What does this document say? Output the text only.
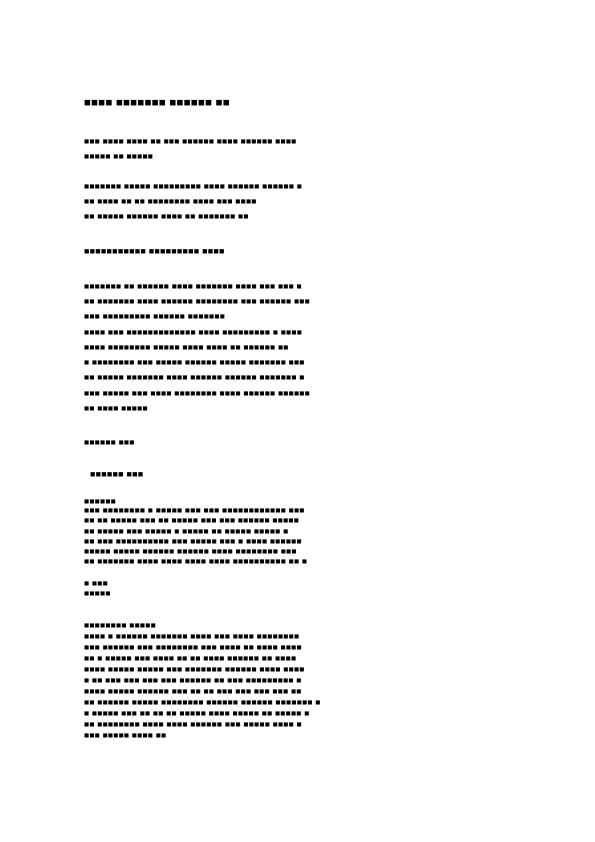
■■■■ ■■■■■■■ ■■■■■■ ■■

■■■ ■■■■ ■■■■ ■■ ■■■ ■■■■■■ ■■■■ ■■■■■■ ■■■■

■■■■■ ■■ ■■■■■

■■■■■■■ ■■■■■ ■■■■■■■■■ ■■■■ ■■■■■■ ■■■■■■ ■

■■ ■■■■ ■■ ■■ ■■■■■■■■ ■■■■ ■■■ ■■■■

■■ ■■■■■ ■■■■■■ ■■■■ ■■ ■■■■■■■ ■■

■■■■■■■■■■■ ■■■■■■■■■ ■■■■

■■■■■■■ ■■ ■■■■■■ ■■■■ ■■■■■■■ ■■■■ ■■■ ■■■ ■

■■ ■■■■■■■ ■■■■ ■■■■■■ ■■■■■■■■ ■■■ ■■■■■■ ■■■

■■■ ■■■■■■■■■ ■■■■■■ ■■■■■■■

■■■■ ■■■ ■■■■■■■■■■■■■ ■■■■ ■■■■■■■■■ ■ ■■■■

■■■■ ■■■■■■■■ ■■■■■ ■■■■ ■■■■ ■■ ■■■■■■ ■■

■ ■■■■■■■■ ■■■ ■■■■■ ■■■■■■ ■■■■■ ■■■■■■■ ■■■

■■ ■■■■■ ■■■■■■■ ■■■■ ■■■■■■ ■■■■■■ ■■■■■■■ ■

■■■ ■■■■■ ■■■ ■■■■ ■■■■■■■■ ■■■■ ■■■■■■ ■■■■■■

■■ ■■■■ ■■■■■

■■■■■■ ■■■

■■■■■■ ■■■

■■■■■■

■■■ ■■■■■■■■ ■ ■■■■■ ■■■ ■■■ ■■■■■■■■■■■■ ■■■

■■ ■■ ■■■■■ ■■■ ■■ ■■■■■ ■■■ ■■■ ■■■■■■ ■■■■■

■■ ■■■■■ ■■■ ■■■■■ ■ ■■■■■ ■■ ■■■■■ ■■■■■ ■

■■ ■■■ ■■■■■■■■■■ ■■■ ■■■■■ ■■■ ■ ■■■■ ■■■■■■

■■■■■ ■■■■■ ■■■■■■ ■■■■■■ ■■■■ ■■■■■■■■ ■■■

■■ ■■■■■■■ ■■■■ ■■■■ ■■■■ ■■■■ ■■■■■■■■■■ ■■ ■

■ ■■■

■■■■■

■■■■■■■■ ■■■■■

■■■■ ■ ■■■■■■ ■■■■■■■ ■■■■ ■■■ ■■■■ ■■■■■■■■

■■■ ■■■■■■ ■■■ ■■■■■■■■ ■■■ ■■■■ ■■ ■■■■ ■■■■

■■ ■ ■■■■■ ■■■ ■■■■ ■■ ■■ ■■■■ ■■■■■■ ■■ ■■■■

■■■■ ■■■■■ ■■■■■ ■■■ ■■■■■■■ ■■■■■■ ■■■■ ■■■■

■ ■■ ■■■ ■■■ ■■■ ■■■ ■■■■■■ ■■ ■■■ ■■■■■■■■■ ■

■■■■ ■■■■■ ■■■■■■ ■■■ ■■ ■■ ■■■ ■■■ ■■■ ■■■ ■■

■■ ■■■■■■ ■■■■■ ■■■■■■■■ ■■■■■■ ■■■■■■ ■■■■■■■ ■

■ ■■■■■ ■■■ ■■ ■■ ■■ ■■■■■ ■■■■ ■■■■■ ■■ ■■■■■ ■

■■ ■■■■■■■■ ■■■■ ■■■■ ■■■■■■ ■■■ ■■■■■ ■■■■ ■

■■■ ■■■■■ ■■■■ ■■
